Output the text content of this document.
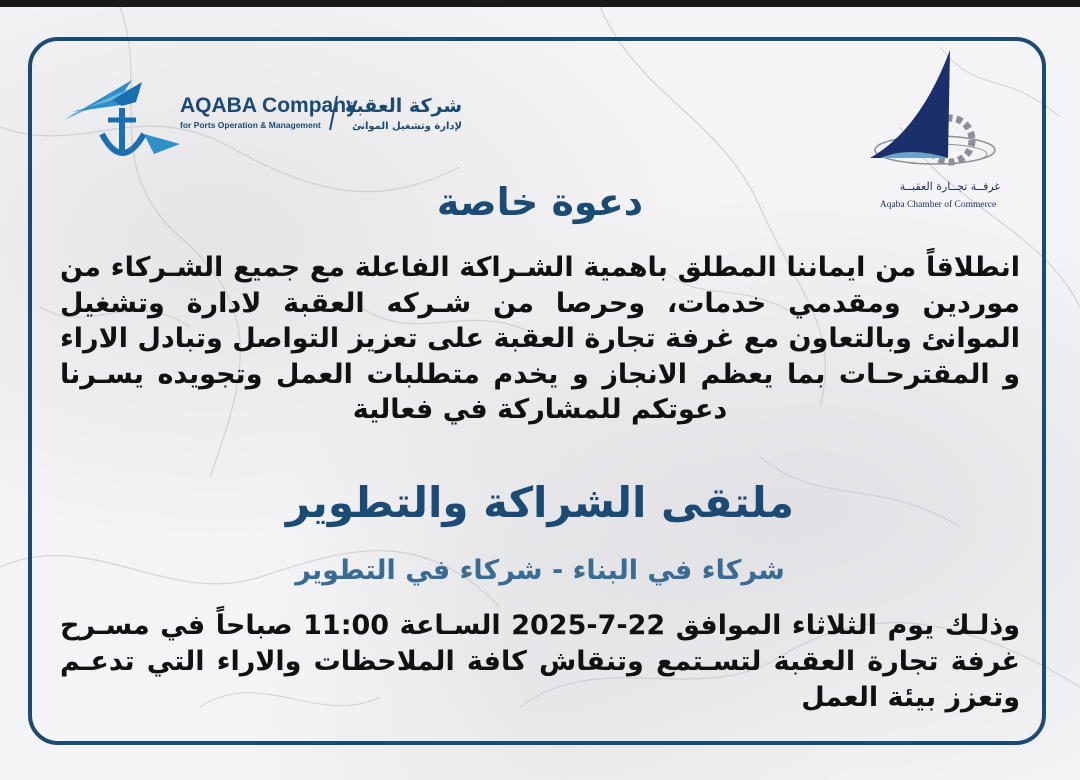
AQABA Company
for Ports Operation & Management
شركة العقبة
لإدارة وتشغيل الموانئ
غرفــة تجــارة العقبــة
Aqaba Chamber of Commerce
دعوة خاصة
انطلاقاً من ايماننا المطلق باهمية الشـراكة الفاعلة مع جميع الشـركاء من موردين ومقدمي خدمات، وحرصا من شـركه العقبة لادارة وتشغيل الموانئ وبالتعاون مع غرفة تجارة العقبة على تعزيز التواصل وتبادل الاراء و المقترحـات بما يعظم الانجاز و يخدم متطلبات العمل وتجويده يسـرنا دعوتكم للمشاركة في فعالية
ملتقى الشراكة والتطوير
شركاء في البناء - شركاء في التطوير
وذلـك يوم الثلاثاء الموافق 22-7-2025 السـاعة 11:00 صباحاً في مسـرح غرفة تجارة العقبة لتسـتمع وتنقاش كافة الملاحظات والاراء التي تدعـم وتعزز بيئة العمل
